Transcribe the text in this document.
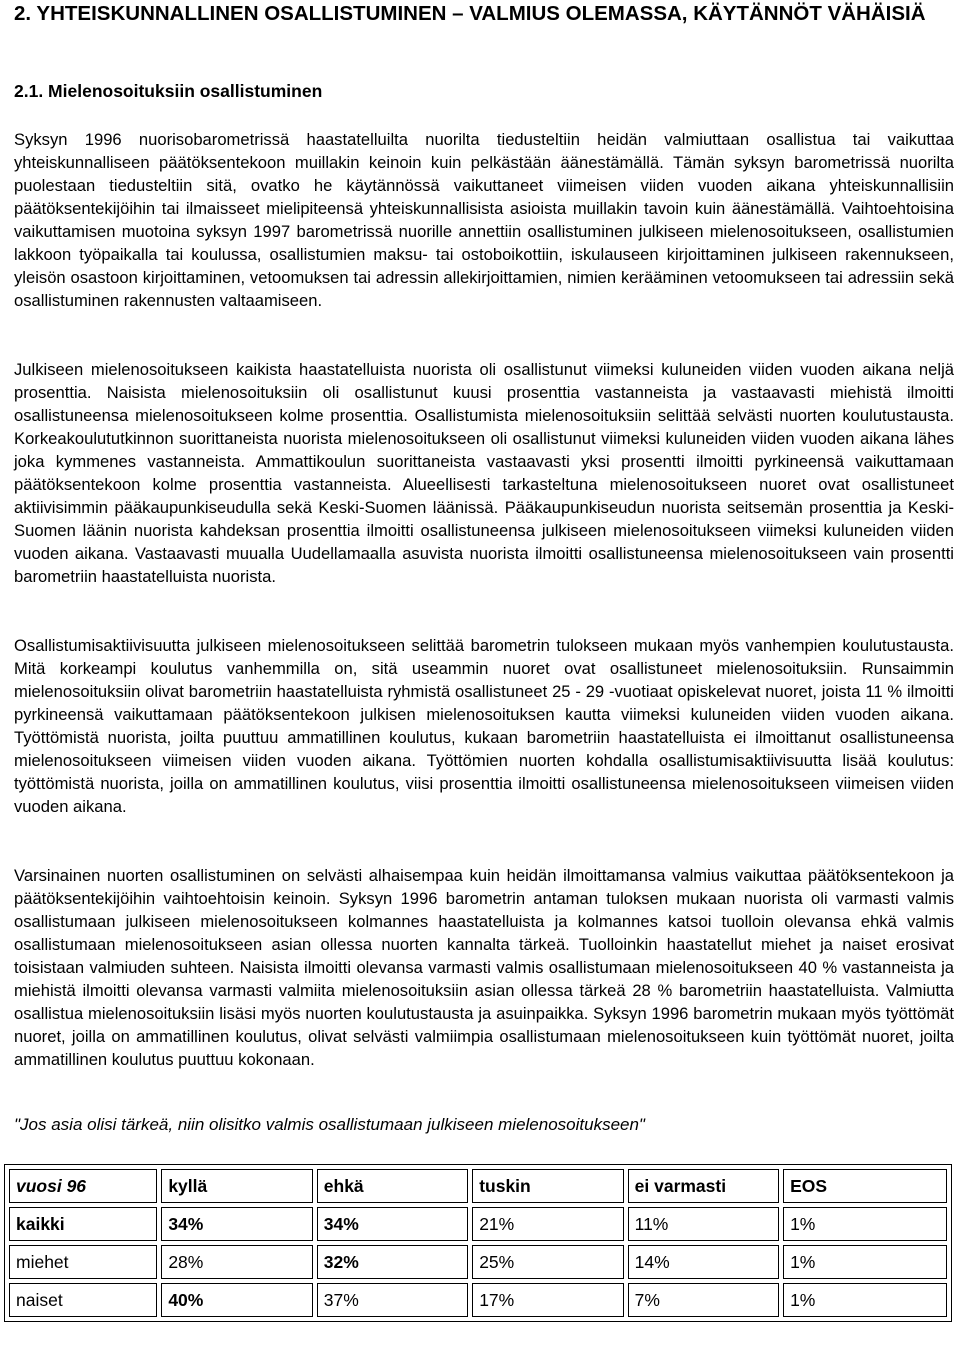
2. YHTEISKUNNALLINEN OSALLISTUMINEN – VALMIUS OLEMASSA, KÄYTÄNNÖT VÄHÄISIÄ
2.1. Mielenosoituksiin osallistuminen

Syksyn 1996 nuorisobarometrissä haastatelluilta nuorilta tiedusteltiin heidän valmiuttaan osallistua tai vaikuttaa yhteiskunnalliseen päätöksentekoon muillakin keinoin kuin pelkästään äänestämällä. Tämän syksyn barometrissä nuorilta puolestaan tiedusteltiin sitä, ovatko he käytännössä vaikuttaneet viimeisen viiden vuoden aikana yhteiskunnallisiin päätöksentekijöihin tai ilmaisseet mielipiteensä yhteiskunnallisista asioista muillakin tavoin kuin äänestämällä. Vaihtoehtoisina vaikuttamisen muotoina syksyn 1997 barometrissä nuorille annettiin osallistuminen julkiseen mielenosoitukseen, osallistumien lakkoon työpaikalla tai koulussa, osallistumien maksu- tai ostoboikottiin, iskulauseen kirjoittaminen julkiseen rakennukseen, yleisön osastoon kirjoittaminen, vetoomuksen tai adressin allekirjoittamien, nimien kerääminen vetoomukseen tai adressiin sekä osallistuminen rakennusten valtaamiseen.

Julkiseen mielenosoitukseen kaikista haastatelluista nuorista oli osallistunut viimeksi kuluneiden viiden vuoden aikana neljä prosenttia. Naisista mielenosoituksiin oli osallistunut kuusi prosenttia vastanneista ja vastaavasti miehistä ilmoitti osallistuneensa mielenosoitukseen kolme prosenttia. Osallistumista mielenosoituksiin selittää selvästi nuorten koulutustausta. Korkeakoulututkinnon suorittaneista nuorista mielenosoitukseen oli osallistunut viimeksi kuluneiden viiden vuoden aikana lähes joka kymmenes vastanneista. Ammattikoulun suorittaneista vastaavasti yksi prosentti ilmoitti pyrkineensä vaikuttamaan päätöksentekoon kolme prosenttia vastanneista. Alueellisesti tarkasteltuna mielenosoitukseen nuoret ovat osallistuneet aktiivisimmin pääkaupunkiseudulla sekä Keski-Suomen läänissä. Pääkaupunkiseudun nuorista seitsemän prosenttia ja Keski-Suomen läänin nuorista kahdeksan prosenttia ilmoitti osallistuneensa julkiseen mielenosoitukseen viimeksi kuluneiden viiden vuoden aikana. Vastaavasti muualla Uudellamaalla asuvista nuorista ilmoitti osallistuneensa mielenosoitukseen vain prosentti barometriin haastatelluista nuorista.

Osallistumisaktiivisuutta julkiseen mielenosoitukseen selittää barometrin tulokseen mukaan myös vanhempien koulutustausta. Mitä korkeampi koulutus vanhemmilla on, sitä useammin nuoret ovat osallistuneet mielenosoituksiin. Runsaimmin mielenosoituksiin olivat barometriin haastatelluista ryhmistä osallistuneet 25 - 29 -vuotiaat opiskelevat nuoret, joista 11 % ilmoitti pyrkineensä vaikuttamaan päätöksentekoon julkisen mielenosoituksen kautta viimeksi kuluneiden viiden vuoden aikana. Työttömistä nuorista, joilta puuttuu ammatillinen koulutus, kukaan barometriin haastatelluista ei ilmoittanut osallistuneensa mielenosoitukseen viimeisen viiden vuoden aikana. Työttömien nuorten kohdalla osallistumisaktiivisuutta lisää koulutus: työttömistä nuorista, joilla on ammatillinen koulutus, viisi prosenttia ilmoitti osallistuneensa mielenosoitukseen viimeisen viiden vuoden aikana.

Varsinainen nuorten osallistuminen on selvästi alhaisempaa kuin heidän ilmoittamansa valmius vaikuttaa päätöksentekoon ja päätöksentekijöihin vaihtoehtoisin keinoin. Syksyn 1996 barometrin antaman tuloksen mukaan nuorista oli varmasti valmis osallistumaan julkiseen mielenosoitukseen kolmannes haastatelluista ja kolmannes katsoi tuolloin olevansa ehkä valmis osallistumaan mielenosoitukseen asian ollessa nuorten kannalta tärkeä. Tuolloinkin haastatellut miehet ja naiset erosivat toisistaan valmiuden suhteen. Naisista ilmoitti olevansa varmasti valmis osallistumaan mielenosoitukseen 40 % vastanneista ja miehistä ilmoitti olevansa varmasti valmiita mielenosoituksiin asian ollessa tärkeä 28 % barometriin haastatelluista. Valmiutta osallistua mielenosoituksiin lisäsi myös nuorten koulutustausta ja asuinpaikka. Syksyn 1996 barometrin mukaan myös työttömät nuoret, joilla on ammatillinen koulutus, olivat selvästi valmiimpia osallistumaan mielenosoitukseen kuin työttömät nuoret, joilta ammatillinen koulutus puuttuu kokonaan.

"Jos asia olisi tärkeä, niin olisitko valmis osallistumaan julkiseen mielenosoitukseen"

vuosi 96	kyllä	ehkä	tuskin	ei varmasti	EOS
kaikki	34%	34%	21%	11%	1%
miehet	28%	32%	25%	14%	1%
naiset	40%	37%	17%	7%	1%
